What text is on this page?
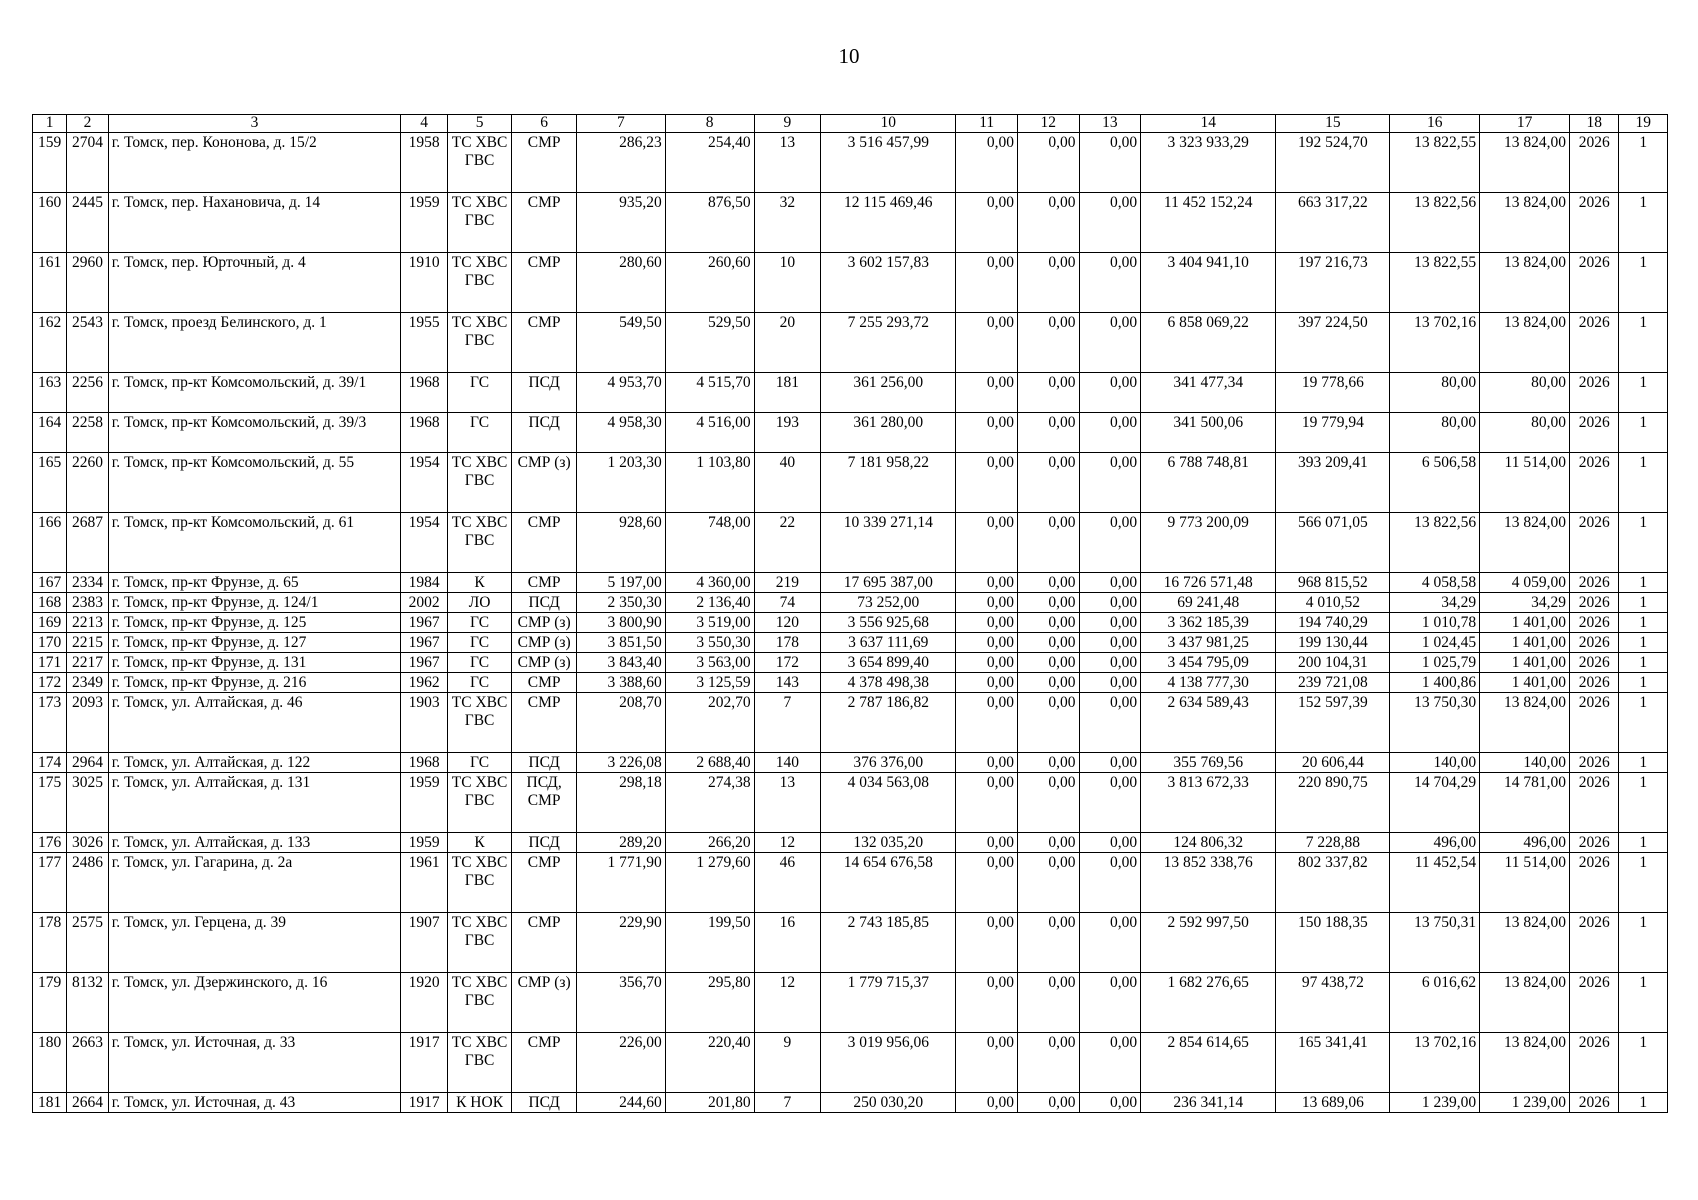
10
1	2	3	4	5	6	7	8	9	10	11	12	13	14	15	16	17	18	19
159	2704	г. Томск, пер. Кононова, д. 15/2	1958	ТС ХВС ГВС	СМР	286,23	254,40	13	3 516 457,99	0,00	0,00	0,00	3 323 933,29	192 524,70	13 822,55	13 824,00	2026	1
160	2445	г. Томск, пер. Нахановича, д. 14	1959	ТС ХВС ГВС	СМР	935,20	876,50	32	12 115 469,46	0,00	0,00	0,00	11 452 152,24	663 317,22	13 822,56	13 824,00	2026	1
161	2960	г. Томск, пер. Юрточный, д. 4	1910	ТС ХВС ГВС	СМР	280,60	260,60	10	3 602 157,83	0,00	0,00	0,00	3 404 941,10	197 216,73	13 822,55	13 824,00	2026	1
162	2543	г. Томск, проезд Белинского, д. 1	1955	ТС ХВС ГВС	СМР	549,50	529,50	20	7 255 293,72	0,00	0,00	0,00	6 858 069,22	397 224,50	13 702,16	13 824,00	2026	1
163	2256	г. Томск, пр-кт Комсомольский, д. 39/1	1968	ГС	ПСД	4 953,70	4 515,70	181	361 256,00	0,00	0,00	0,00	341 477,34	19 778,66	80,00	80,00	2026	1
164	2258	г. Томск, пр-кт Комсомольский, д. 39/3	1968	ГС	ПСД	4 958,30	4 516,00	193	361 280,00	0,00	0,00	0,00	341 500,06	19 779,94	80,00	80,00	2026	1
165	2260	г. Томск, пр-кт Комсомольский, д. 55	1954	ТС ХВС ГВС	СМР (з)	1 203,30	1 103,80	40	7 181 958,22	0,00	0,00	0,00	6 788 748,81	393 209,41	6 506,58	11 514,00	2026	1
166	2687	г. Томск, пр-кт Комсомольский, д. 61	1954	ТС ХВС ГВС	СМР	928,60	748,00	22	10 339 271,14	0,00	0,00	0,00	9 773 200,09	566 071,05	13 822,56	13 824,00	2026	1
167	2334	г. Томск, пр-кт Фрунзе, д. 65	1984	К	СМР	5 197,00	4 360,00	219	17 695 387,00	0,00	0,00	0,00	16 726 571,48	968 815,52	4 058,58	4 059,00	2026	1
168	2383	г. Томск, пр-кт Фрунзе, д. 124/1	2002	ЛО	ПСД	2 350,30	2 136,40	74	73 252,00	0,00	0,00	0,00	69 241,48	4 010,52	34,29	34,29	2026	1
169	2213	г. Томск, пр-кт Фрунзе, д. 125	1967	ГС	СМР (з)	3 800,90	3 519,00	120	3 556 925,68	0,00	0,00	0,00	3 362 185,39	194 740,29	1 010,78	1 401,00	2026	1
170	2215	г. Томск, пр-кт Фрунзе, д. 127	1967	ГС	СМР (з)	3 851,50	3 550,30	178	3 637 111,69	0,00	0,00	0,00	3 437 981,25	199 130,44	1 024,45	1 401,00	2026	1
171	2217	г. Томск, пр-кт Фрунзе, д. 131	1967	ГС	СМР (з)	3 843,40	3 563,00	172	3 654 899,40	0,00	0,00	0,00	3 454 795,09	200 104,31	1 025,79	1 401,00	2026	1
172	2349	г. Томск, пр-кт Фрунзе, д. 216	1962	ГС	СМР	3 388,60	3 125,59	143	4 378 498,38	0,00	0,00	0,00	4 138 777,30	239 721,08	1 400,86	1 401,00	2026	1
173	2093	г. Томск, ул. Алтайская, д. 46	1903	ТС ХВС ГВС	СМР	208,70	202,70	7	2 787 186,82	0,00	0,00	0,00	2 634 589,43	152 597,39	13 750,30	13 824,00	2026	1
174	2964	г. Томск, ул. Алтайская, д. 122	1968	ГС	ПСД	3 226,08	2 688,40	140	376 376,00	0,00	0,00	0,00	355 769,56	20 606,44	140,00	140,00	2026	1
175	3025	г. Томск, ул. Алтайская, д. 131	1959	ТС ХВС ГВС	ПСД, СМР	298,18	274,38	13	4 034 563,08	0,00	0,00	0,00	3 813 672,33	220 890,75	14 704,29	14 781,00	2026	1
176	3026	г. Томск, ул. Алтайская, д. 133	1959	К	ПСД	289,20	266,20	12	132 035,20	0,00	0,00	0,00	124 806,32	7 228,88	496,00	496,00	2026	1
177	2486	г. Томск, ул. Гагарина, д. 2а	1961	ТС ХВС ГВС	СМР	1 771,90	1 279,60	46	14 654 676,58	0,00	0,00	0,00	13 852 338,76	802 337,82	11 452,54	11 514,00	2026	1
178	2575	г. Томск, ул. Герцена, д. 39	1907	ТС ХВС ГВС	СМР	229,90	199,50	16	2 743 185,85	0,00	0,00	0,00	2 592 997,50	150 188,35	13 750,31	13 824,00	2026	1
179	8132	г. Томск, ул. Дзержинского, д. 16	1920	ТС ХВС ГВС	СМР (з)	356,70	295,80	12	1 779 715,37	0,00	0,00	0,00	1 682 276,65	97 438,72	6 016,62	13 824,00	2026	1
180	2663	г. Томск, ул. Источная, д. 33	1917	ТС ХВС ГВС	СМР	226,00	220,40	9	3 019 956,06	0,00	0,00	0,00	2 854 614,65	165 341,41	13 702,16	13 824,00	2026	1
181	2664	г. Томск, ул. Источная, д. 43	1917	К НОК	ПСД	244,60	201,80	7	250 030,20	0,00	0,00	0,00	236 341,14	13 689,06	1 239,00	1 239,00	2026	1
